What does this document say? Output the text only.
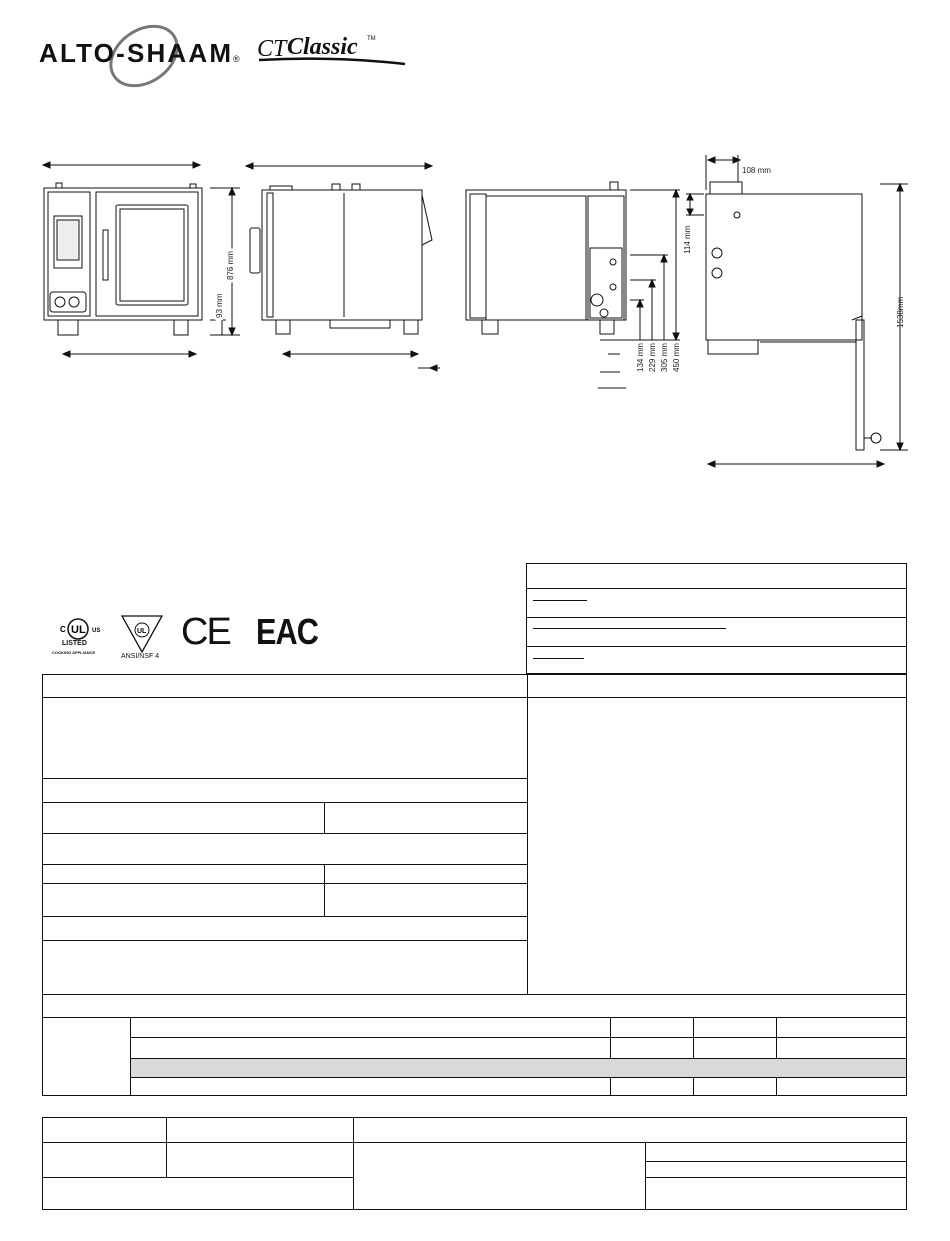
ALTO-SHAAM ® CT Classic TM
876 mm
93 mm
114 mm
134 mm 229 mm 305 mm 450 mm
108 mm
1538mm
C UL US
LISTED
COOKING APPLIANCE
UL
ANSI/NSF 4
CE EAC
